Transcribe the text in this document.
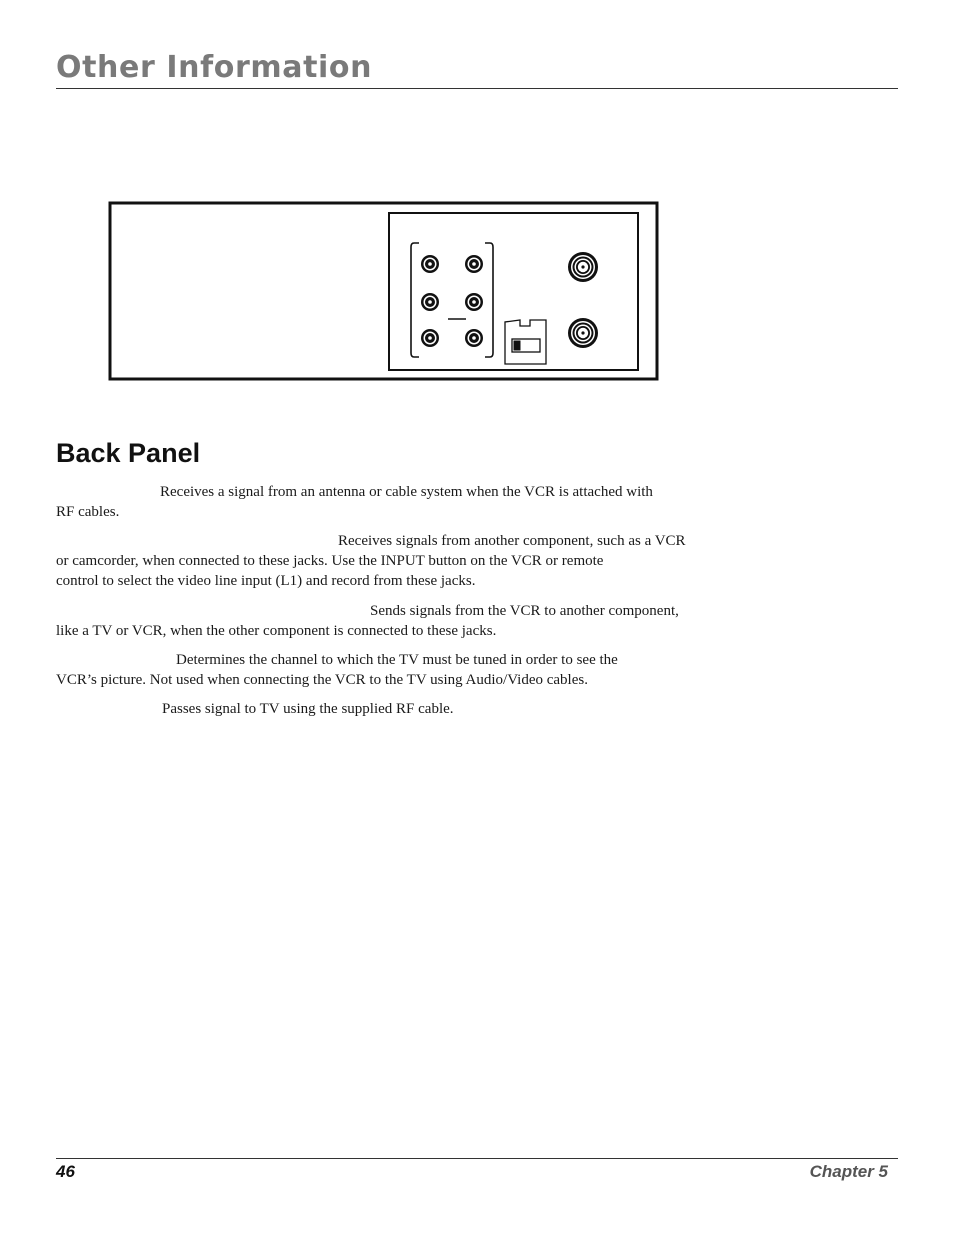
Other Information
Back Panel

Receives a signal from an antenna or cable system when the VCR is attached with
RF cables.

Receives signals from another component, such as a VCR
or camcorder, when connected to these jacks. Use the INPUT button on the VCR or remote
control to select the video line input (L1) and record from these jacks.

Sends signals from the VCR to another component,
like a TV or VCR, when the other component is connected to these jacks.

Determines the channel to which the TV must be tuned in order to see the
VCR’s picture. Not used when connecting the VCR to the TV using Audio/Video cables.

Passes signal to TV using the supplied RF cable.

46	Chapter 5
